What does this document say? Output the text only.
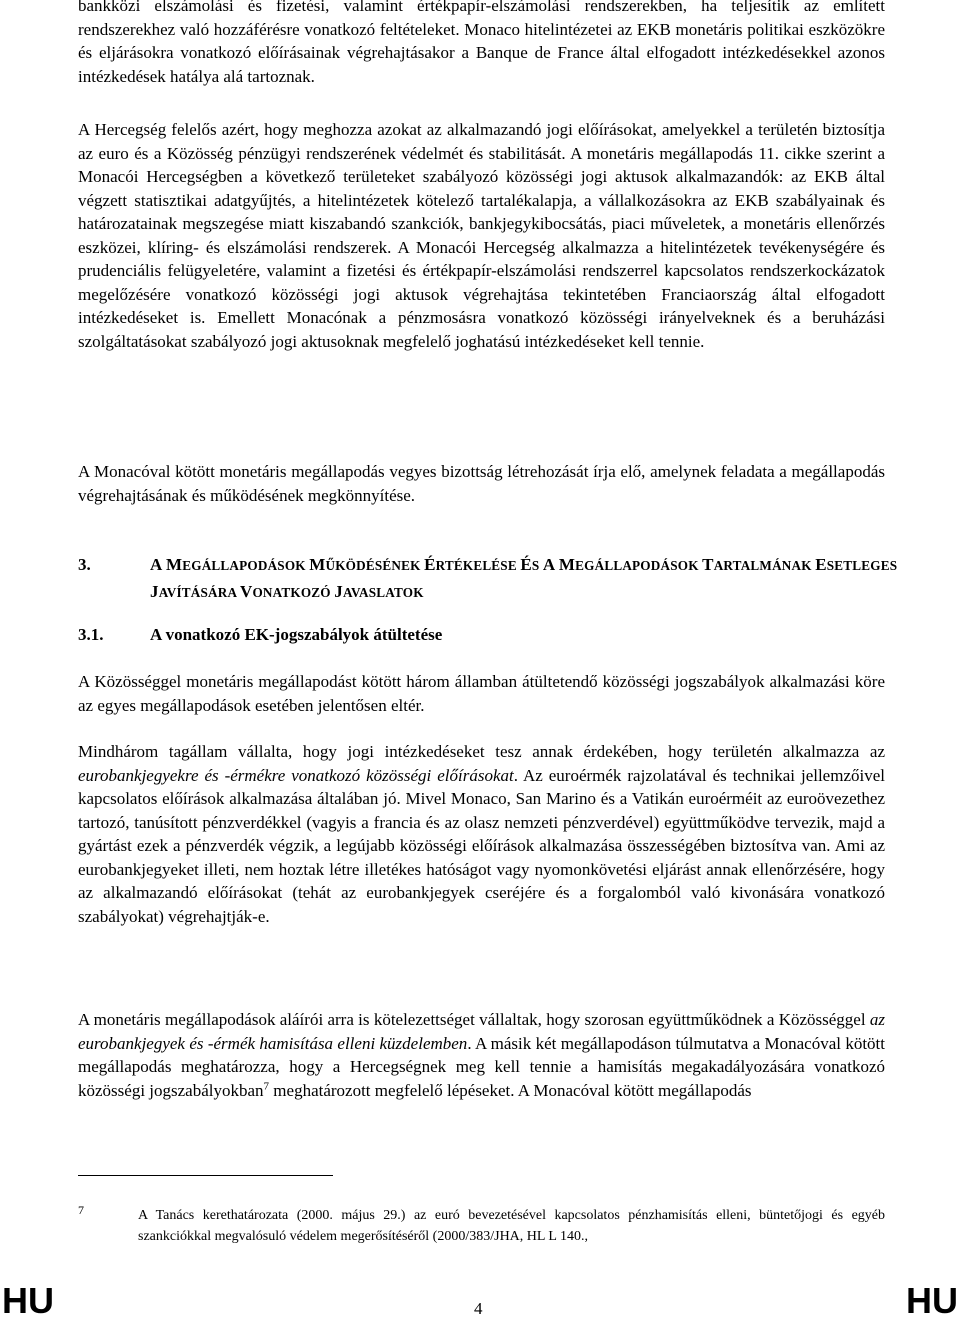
bankközi elszámolási és fizetési, valamint értékpapír-elszámolási rendszerekben, ha teljesítik az említett rendszerekhez való hozzáférésre vonatkozó feltételeket. Monaco hitelintézetei az EKB monetáris politikai eszközökre és eljárásokra vonatkozó előírásainak végrehajtásakor a Banque de France által elfogadott intézkedésekkel azonos intézkedések hatálya alá tartoznak.

A Hercegség felelős azért, hogy meghozza azokat az alkalmazandó jogi előírásokat, amelyekkel a területén biztosítja az euro és a Közösség pénzügyi rendszerének védelmét és stabilitását. A monetáris megállapodás 11. cikke szerint a Monacói Hercegségben a következő területeket szabályozó közösségi jogi aktusok alkalmazandók: az EKB által végzett statisztikai adatgyűjtés, a hitelintézetek kötelező tartalékalapja, a vállalkozásokra az EKB szabályainak és határozatainak megszegése miatt kiszabandó szankciók, bankjegykibocsátás, piaci műveletek, a monetáris ellenőrzés eszközei, klíring- és elszámolási rendszerek. A Monacói Hercegség alkalmazza a hitelintézetek tevékenységére és prudenciális felügyeletére, valamint a fizetési és értékpapír-elszámolási rendszerrel kapcsolatos rendszerkockázatok megelőzésére vonatkozó közösségi jogi aktusok végrehajtása tekintetében Franciaország által elfogadott intézkedéseket is. Emellett Monacónak a pénzmosásra vonatkozó közösségi irányelveknek és a beruházási szolgáltatásokat szabályozó jogi aktusoknak megfelelő joghatású intézkedéseket kell tennie.

A Monacóval kötött monetáris megállapodás vegyes bizottság létrehozását írja elő, amelynek feladata a megállapodás végrehajtásának és működésének megkönnyítése.

3.	A MEGÁLLAPODÁSOK MŰKÖDÉSÉNEK ÉRTÉKELÉSE ÉS A MEGÁLLAPODÁSOK TARTALMÁNAK ESETLEGES JAVÍTÁSÁRA VONATKOZÓ JAVASLATOK
3.1.	A vonatkozó EK-jogszabályok átültetése

A Közösséggel monetáris megállapodást kötött három államban átültetendő közösségi jogszabályok alkalmazási köre az egyes megállapodások esetében jelentősen eltér.

Mindhárom tagállam vállalta, hogy jogi intézkedéseket tesz annak érdekében, hogy területén alkalmazza az eurobankjegyekre és -érmékre vonatkozó közösségi előírásokat. Az euroérmék rajzolatával és technikai jellemzőivel kapcsolatos előírások alkalmazása általában jó. Mivel Monaco, San Marino és a Vatikán euroérméit az euroövezethez tartozó, tanúsított pénzverdékkel (vagyis a francia és az olasz nemzeti pénzverdével) együttműködve tervezik, majd a gyártást ezek a pénzverdék végzik, a legújabb közösségi előírások alkalmazása összességében biztosítva van. Ami az eurobankjegyeket illeti, nem hoztak létre illetékes hatóságot vagy nyomonkövetési eljárást annak ellenőrzésére, hogy az alkalmazandó előírásokat (tehát az eurobankjegyek cseréjére és a forgalomból való kivonására vonatkozó szabályokat) végrehajtják-e.

A monetáris megállapodások aláírói arra is kötelezettséget vállaltak, hogy szorosan együttműködnek a Közösséggel az eurobankjegyek és -érmék hamisítása elleni küzdelemben. A másik két megállapodáson túlmutatva a Monacóval kötött megállapodás meghatározza, hogy a Hercegségnek meg kell tennie a hamisítás megakadályozására vonatkozó közösségi jogszabályokban$^7$ meghatározott megfelelő lépéseket. A Monacóval kötött megállapodás

7	A Tanács kerethatározata (2000. május 29.) az euró bevezetésével kapcsolatos pénzhamisítás elleni, büntetőjogi és egyéb szankciókkal megvalósuló védelem megerősítéséről (2000/383/JHA, HL L 140.,

HU	4	HU
